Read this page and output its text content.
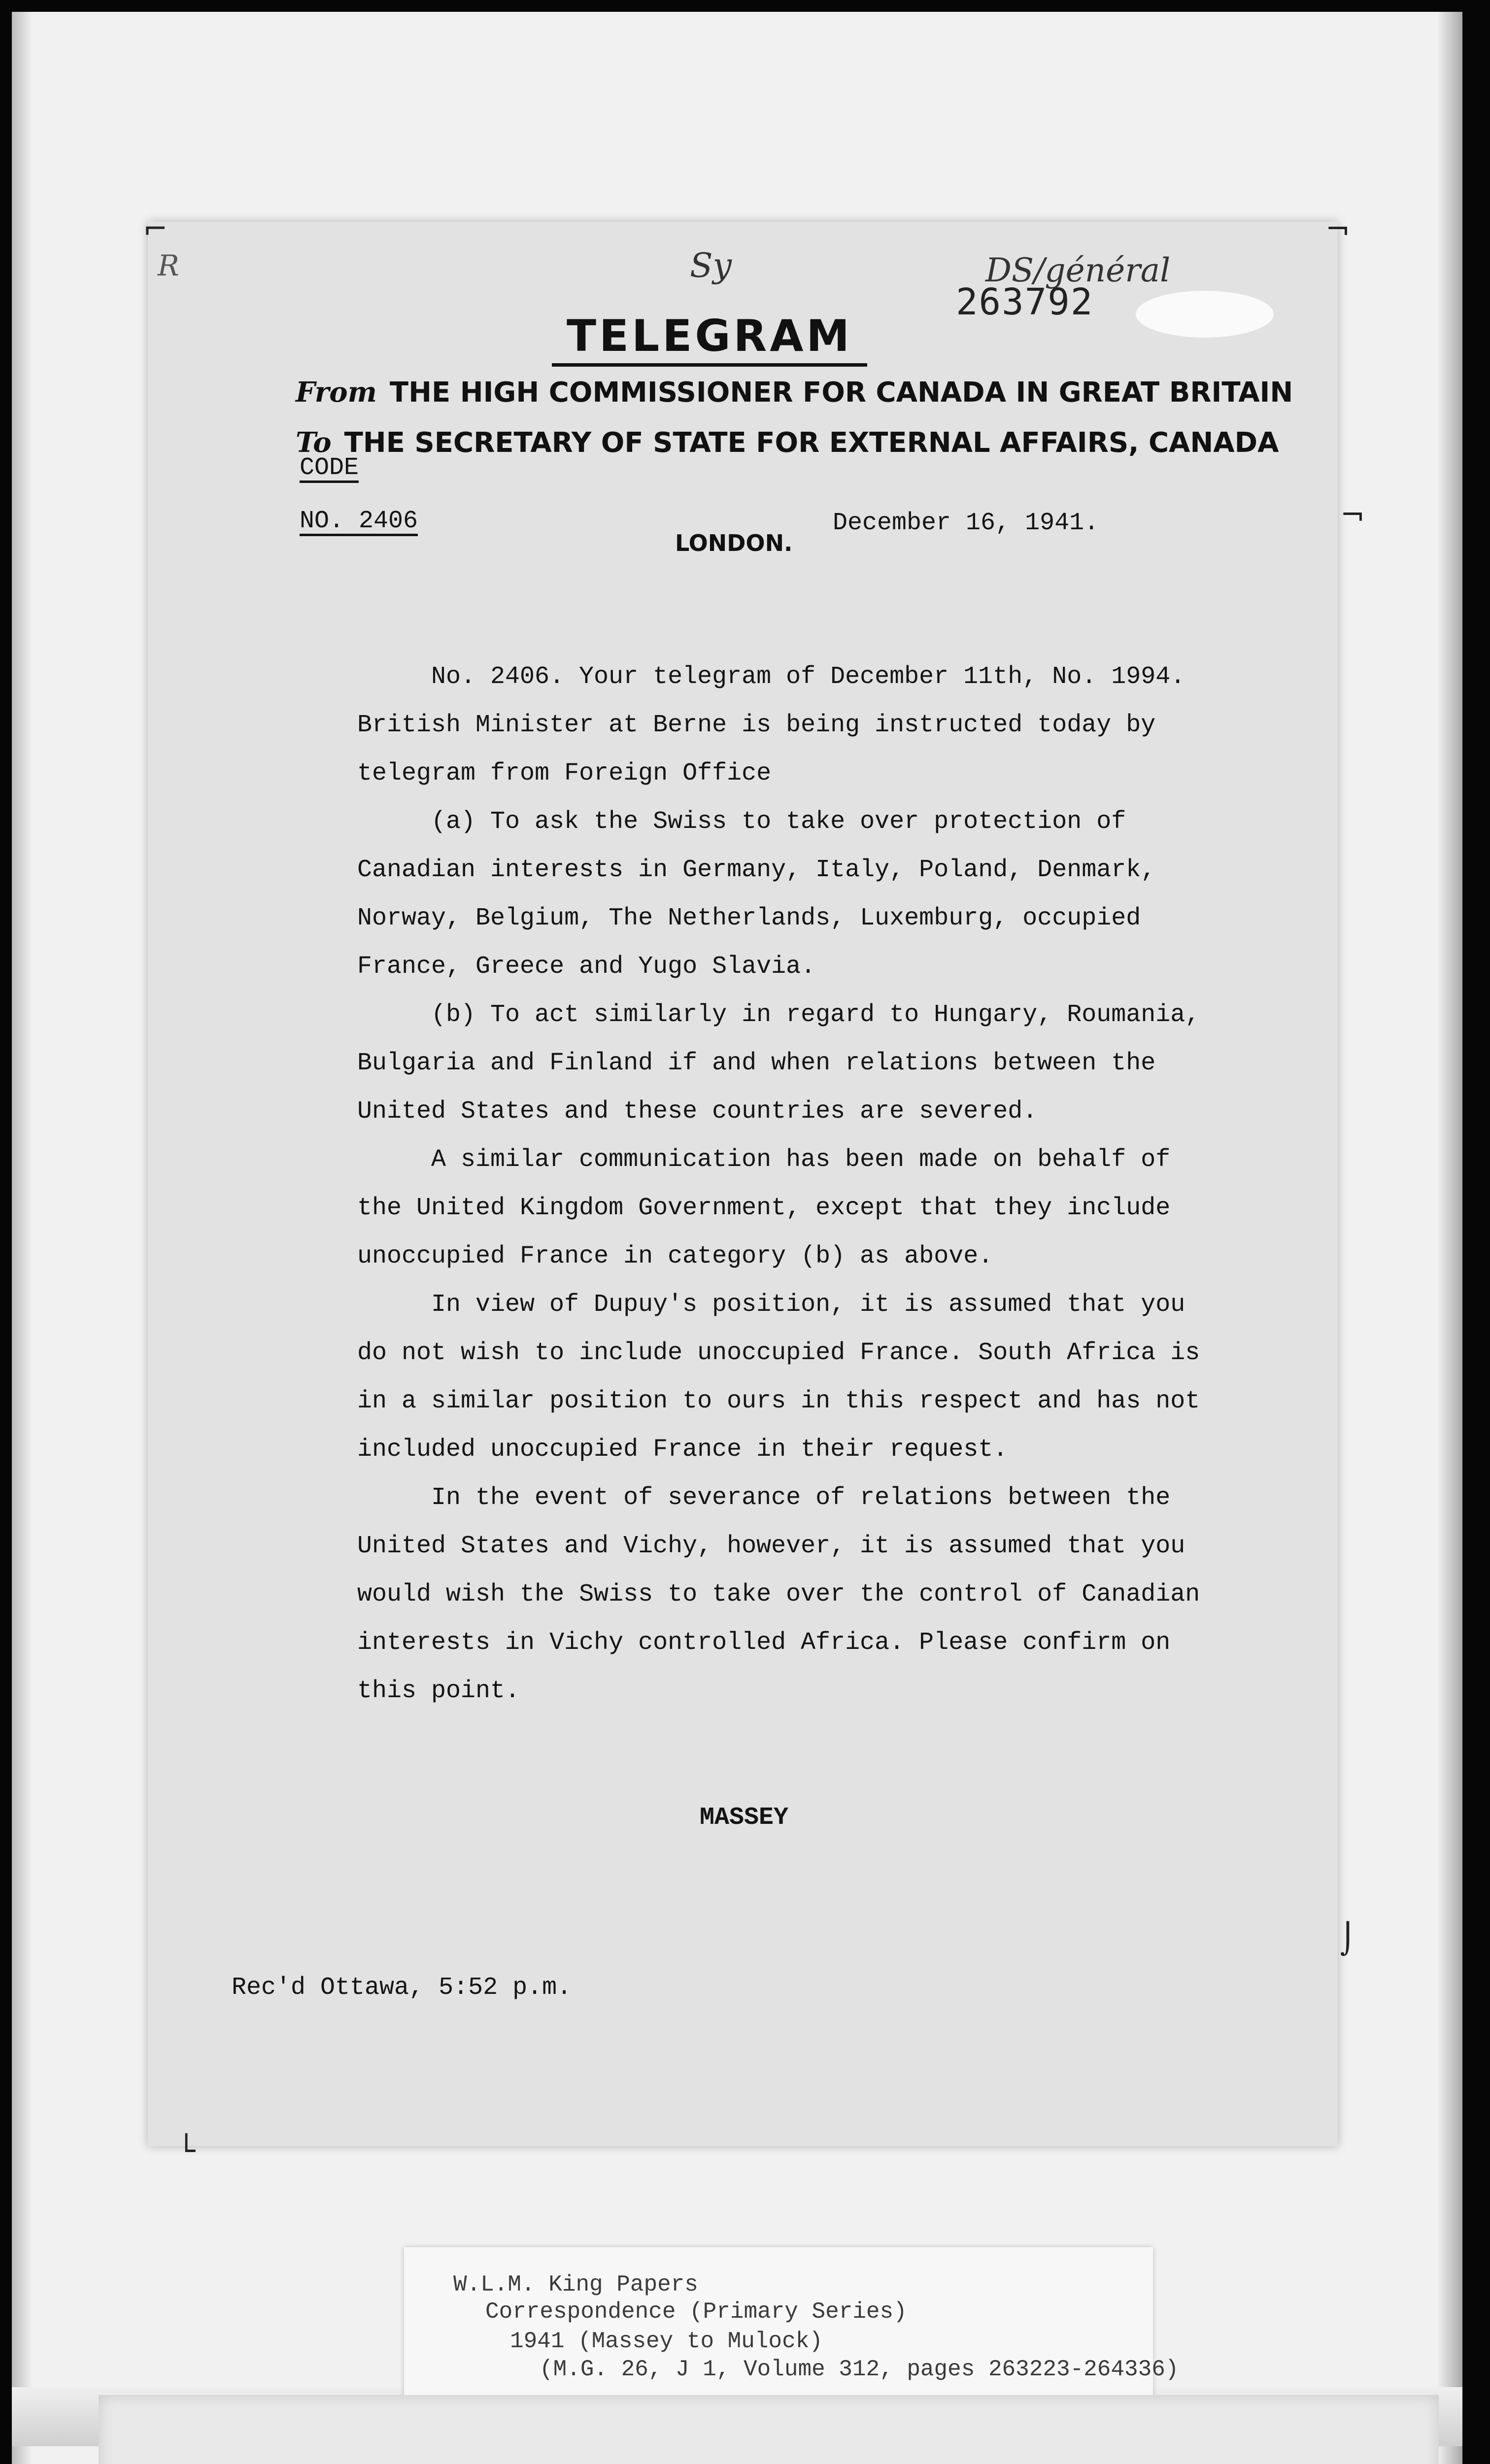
⌐	¬
¬
⌡
└
R	Sy	DS/général
263792
TELEGRAM
From THE HIGH COMMISSIONER FOR CANADA IN GREAT BRITAIN
To THE SECRETARY OF STATE FOR EXTERNAL AFFAIRS, CANADA
CODE
NO. 2406
LONDON.
December 16, 1941.
No. 2406. Your telegram of December 11th, No. 1994.
British Minister at Berne is being instructed today by
telegram from Foreign Office
(a) To ask the Swiss to take over protection of
Canadian interests in Germany, Italy, Poland, Denmark,
Norway, Belgium, The Netherlands, Luxemburg, occupied
France, Greece and Yugo Slavia.
(b) To act similarly in regard to Hungary, Roumania,
Bulgaria and Finland if and when relations between the
United States and these countries are severed.
A similar communication has been made on behalf of
the United Kingdom Government, except that they include
unoccupied France in category (b) as above.
In view of Dupuy's position, it is assumed that you
do not wish to include unoccupied France. South Africa is
in a similar position to ours in this respect and has not
included unoccupied France in their request.
In the event of severance of relations between the
United States and Vichy, however, it is assumed that you
would wish the Swiss to take over the control of Canadian
interests in Vichy controlled Africa. Please confirm on
this point.
MASSEY
Rec'd Ottawa, 5:52 p.m.
W.L.M. King Papers
Correspondence (Primary Series)
1941 (Massey to Mulock)
(M.G. 26, J 1, Volume 312, pages 263223-264336)
